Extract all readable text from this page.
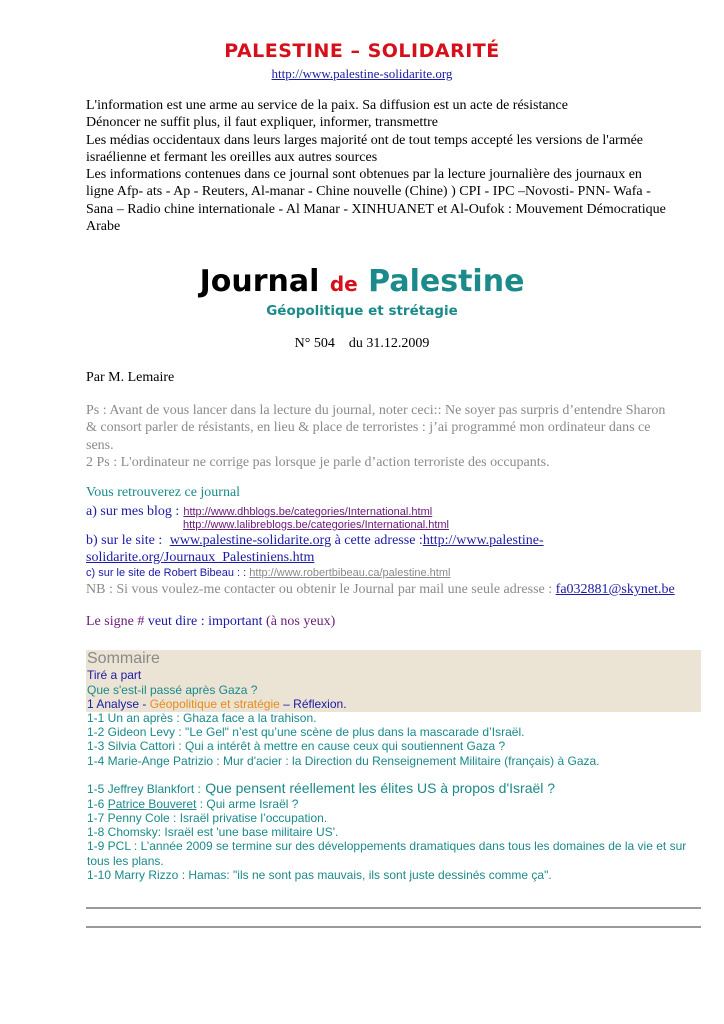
PALESTINE – SOLIDARITÉ
http://www.palestine-solidarite.org
L'information est une arme au service de la paix. Sa diffusion est un acte de résistance
Dénoncer ne suffit plus, il faut expliquer, informer, transmettre
Les médias occidentaux dans leurs larges majorité ont de tout temps accepté les versions de l'armée
israélienne et fermant les oreilles aux autres sources
Les informations contenues dans ce journal sont obtenues par la lecture journalière des journaux en
ligne Afp- ats - Ap - Reuters, Al-manar - Chine nouvelle (Chine) ) CPI - IPC –Novosti- PNN- Wafa -
Sana – Radio chine internationale - Al Manar - XINHUANET et Al-Oufok : Mouvement Démocratique
Arabe
Journal de Palestine
Géopolitique et strétagie
N° 504 du 31.12.2009
Par M. Lemaire
Ps : Avant de vous lancer dans la lecture du journal, noter ceci:: Ne soyer pas surpris d’entendre Sharon
& consort parler de résistants, en lieu & place de terroristes : j’ai programmé mon ordinateur dans ce
sens.
2 Ps : L'ordinateur ne corrige pas lorsque je parle d’action terroriste des occupants.
Vous retrouverez ce journal
a) sur mes blog : http://www.dhblogs.be/categories/International.html
http://www.lalibreblogs.be/categories/International.html
b) sur le site : www.palestine-solidarite.org à cette adresse :http://www.palestine-
solidarite.org/Journaux_Palestiniens.htm
c) sur le site de Robert Bibeau : : http://www.robertbibeau.ca/palestine.html
NB : Si vous voulez-me contacter ou obtenir le Journal par mail une seule adresse : fa032881@skynet.be
Le signe # veut dire : important (à nos yeux)
Sommaire
Tiré a part
Que s'est-il passé après Gaza ?
1 Analyse - Géopolitique et stratégie – Réflexion.
1-1 Un an après : Ghaza face a la trahison.
1-2 Gideon Levy : "Le Gel" n’est qu’une scène de plus dans la mascarade d’Israël.
1-3 Silvia Cattori : Qui a intérêt à mettre en cause ceux qui soutiennent Gaza ?
1-4 Marie-Ange Patrizio : Mur d'acier : la Direction du Renseignement Militaire (français) à Gaza.
1-5 Jeffrey Blankfort : Que pensent réellement les élites US à propos d'Israël ?
1-6 Patrice Bouveret : Qui arme Israël ?
1-7 Penny Cole : Israël privatise l’occupation.
1-8 Chomsky: Israël est 'une base militaire US'.
1-9 PCL : L’année 2009 se termine sur des développements dramatiques dans tous les domaines de la vie et sur
tous les plans.
1-10 Marry Rizzo : Hamas: "ils ne sont pas mauvais, ils sont juste dessinés comme ça".
